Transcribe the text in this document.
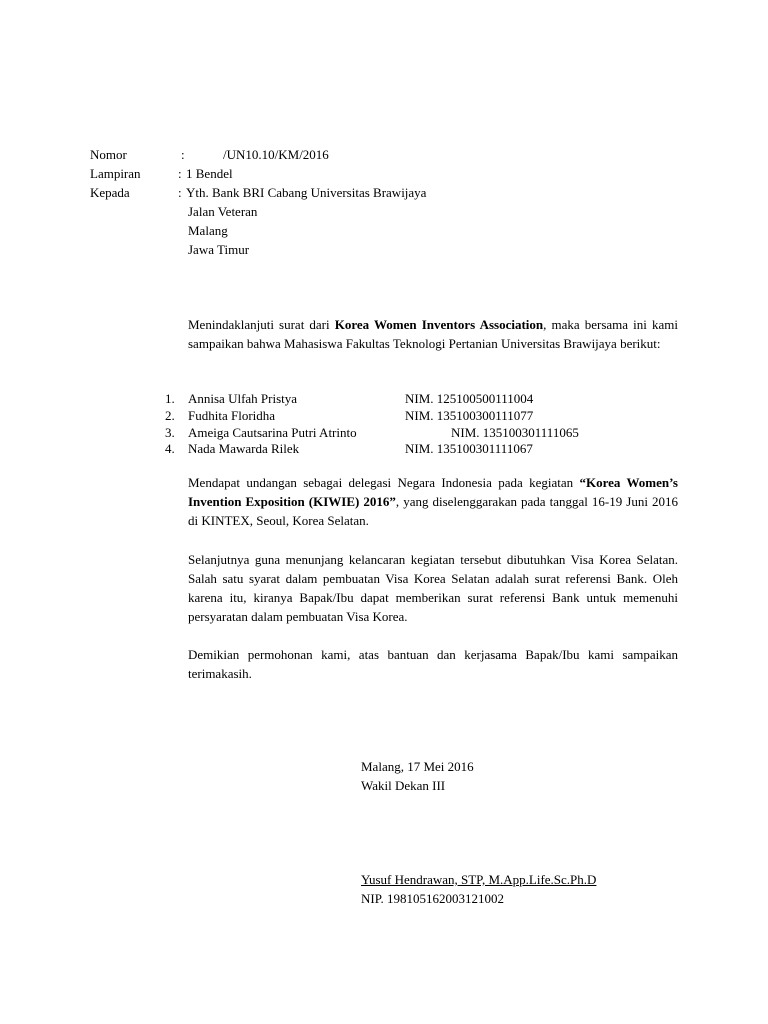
Nomor	:	/UN10.10/KM/2016
Lampiran	: 1 Bendel
Kepada	: Yth. Bank BRI Cabang Universitas Brawijaya
Jalan Veteran
Malang
Jawa Timur
Menindaklanjuti surat dari Korea Women Inventors Association, maka bersama ini kami sampaikan bahwa Mahasiswa Fakultas Teknologi Pertanian Universitas Brawijaya berikut:
1. Annisa Ulfah Pristya	NIM. 125100500111004
2. Fudhita Floridha	NIM. 135100300111077
3. Ameiga Cautsarina Putri Atrinto	NIM. 135100301111065
4. Nada Mawarda Rilek	NIM. 135100301111067
Mendapat undangan sebagai delegasi Negara Indonesia pada kegiatan “Korea Women’s Invention Exposition (KIWIE) 2016”, yang diselenggarakan pada tanggal 16-19 Juni 2016 di KINTEX, Seoul, Korea Selatan.
Selanjutnya guna menunjang kelancaran kegiatan tersebut dibutuhkan Visa Korea Selatan. Salah satu syarat dalam pembuatan Visa Korea Selatan adalah surat referensi Bank. Oleh karena itu, kiranya Bapak/Ibu dapat memberikan surat referensi Bank untuk memenuhi persyaratan dalam pembuatan Visa Korea.
Demikian permohonan kami, atas bantuan dan kerjasama Bapak/Ibu kami sampaikan terimakasih.
Malang, 17 Mei 2016
Wakil Dekan III
Yusuf Hendrawan, STP, M.App.Life.Sc.Ph.D
NIP. 198105162003121002
